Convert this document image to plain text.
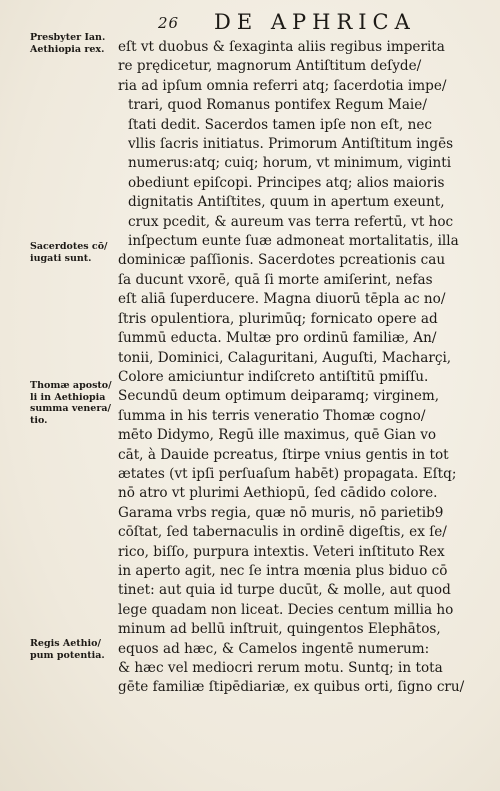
26 DE APHRICA
Presbyter Ian.
Aethiopia rex.
Sacerdotes cō/
iugati sunt.
Thomæ aposto/
li in Aethiopia
summa venera/
tio.
Regis Aethio/
pum potentia.
eſt vt duobus & ſexaginta aliis regibus imperita
re prędicetur, magnorum Antiſtitum deſyde/
ria ad ipſum omnia referri atq; ſacerdotia impe/
trari, quod Romanus pontifex Regum Maie/
ſtati dedit. Sacerdos tamen ipſe non eſt, nec
vllis ſacris initiatus. Primorum Antiſtitum ingēs
numerus:atq; cuiq; horum, vt minimum, viginti
obediunt epiſcopi. Principes atq; alios maioris
dignitatis Antiſtites, quum in apertum exeunt,
crux pcedit, & aureum vas terra refertū, vt hoc
inſpectum eunte ſuæ admoneat mortalitatis, illa
dominicæ paſſionis. Sacerdotes pcreationis cau
ſa ducunt vxorē, quā ſi morte amiſerint, nefas
eſt aliā ſuperducere. Magna diuorū tēpla ac no/
ſtris opulentiora, plurimūq; fornicato opere ad
ſummū educta. Multæ pro ordinū familiæ, An/
tonii, Dominici, Calaguritani, Auguſti, Macharçi,
Colore amiciuntur indiſcreto antiſtitū pmiſſu.
Secundū deum optimum deiparamq; virginem,
ſumma in his terris veneratio Thomæ cogno/
mēto Didymo, Regū ille maximus, quē Gian vo
cāt, à Dauide pcreatus, ſtirpe vnius gentis in tot
ætates (vt ipſi perſuaſum habēt) propagata. Eſtq;
nō atro vt plurimi Aethiopū, ſed cādido colore.
Garama vrbs regia, quæ nō muris, nō parietib9
cōſtat, ſed tabernaculis in ordinē digeſtis, ex ſe/
rico, biſſo, purpura intextis. Veteri inſtituto Rex
in aperto agit, nec ſe intra mœnia plus biduo cō
tinet: aut quia id turpe ducūt, & molle, aut quod
lege quadam non liceat. Decies centum millia ho
minum ad bellū inſtruit, quingentos Elephātos,
equos ad hæc, & Camelos ingentē numerum:
& hæc vel mediocri rerum motu. Suntq; in tota
gēte familiæ ſtipēdiariæ, ex quibus orti, ſigno cru/
